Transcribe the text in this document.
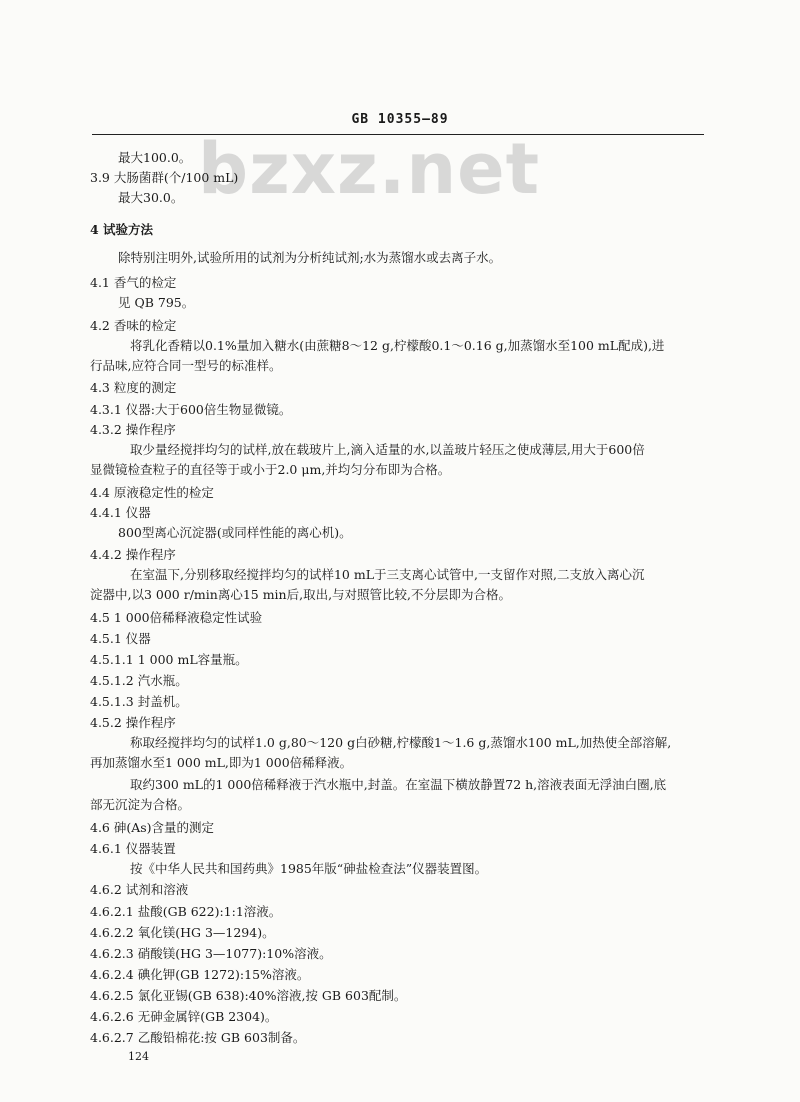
bzxz.net
GB 10355—89
最大100.0。
3.9 大肠菌群(个/100 mL)
最大30.0。
4 试验方法
除特别注明外,试验所用的试剂为分析纯试剂;水为蒸馏水或去离子水。
4.1 香气的检定
见 QB 795。
4.2 香味的检定
将乳化香精以0.1%量加入糖水(由蔗糖8～12 g,柠檬酸0.1～0.16 g,加蒸馏水至100 mL配成),进
行品味,应符合同一型号的标准样。
4.3 粒度的测定
4.3.1 仪器:大于600倍生物显微镜。
4.3.2 操作程序
取少量经搅拌均匀的试样,放在载玻片上,滴入适量的水,以盖玻片轻压之使成薄层,用大于600倍
显微镜检查粒子的直径等于或小于2.0 μm,并均匀分布即为合格。
4.4 原液稳定性的检定
4.4.1 仪器
800型离心沉淀器(或同样性能的离心机)。
4.4.2 操作程序
在室温下,分别移取经搅拌均匀的试样10 mL于三支离心试管中,一支留作对照,二支放入离心沉
淀器中,以3 000 r/min离心15 min后,取出,与对照管比较,不分层即为合格。
4.5 1 000倍稀释液稳定性试验
4.5.1 仪器
4.5.1.1 1 000 mL容量瓶。
4.5.1.2 汽水瓶。
4.5.1.3 封盖机。
4.5.2 操作程序
称取经搅拌均匀的试样1.0 g,80～120 g白砂糖,柠檬酸1～1.6 g,蒸馏水100 mL,加热使全部溶解,
再加蒸馏水至1 000 mL,即为1 000倍稀释液。
取约300 mL的1 000倍稀释液于汽水瓶中,封盖。在室温下横放静置72 h,溶液表面无浮油白圈,底
部无沉淀为合格。
4.6 砷(As)含量的测定
4.6.1 仪器装置
按《中华人民共和国药典》1985年版“砷盐检查法”仪器装置图。
4.6.2 试剂和溶液
4.6.2.1 盐酸(GB 622):1:1溶液。
4.6.2.2 氧化镁(HG 3—1294)。
4.6.2.3 硝酸镁(HG 3—1077):10%溶液。
4.6.2.4 碘化钾(GB 1272):15%溶液。
4.6.2.5 氯化亚锡(GB 638):40%溶液,按 GB 603配制。
4.6.2.6 无砷金属锌(GB 2304)。
4.6.2.7 乙酸铅棉花:按 GB 603制备。
124
